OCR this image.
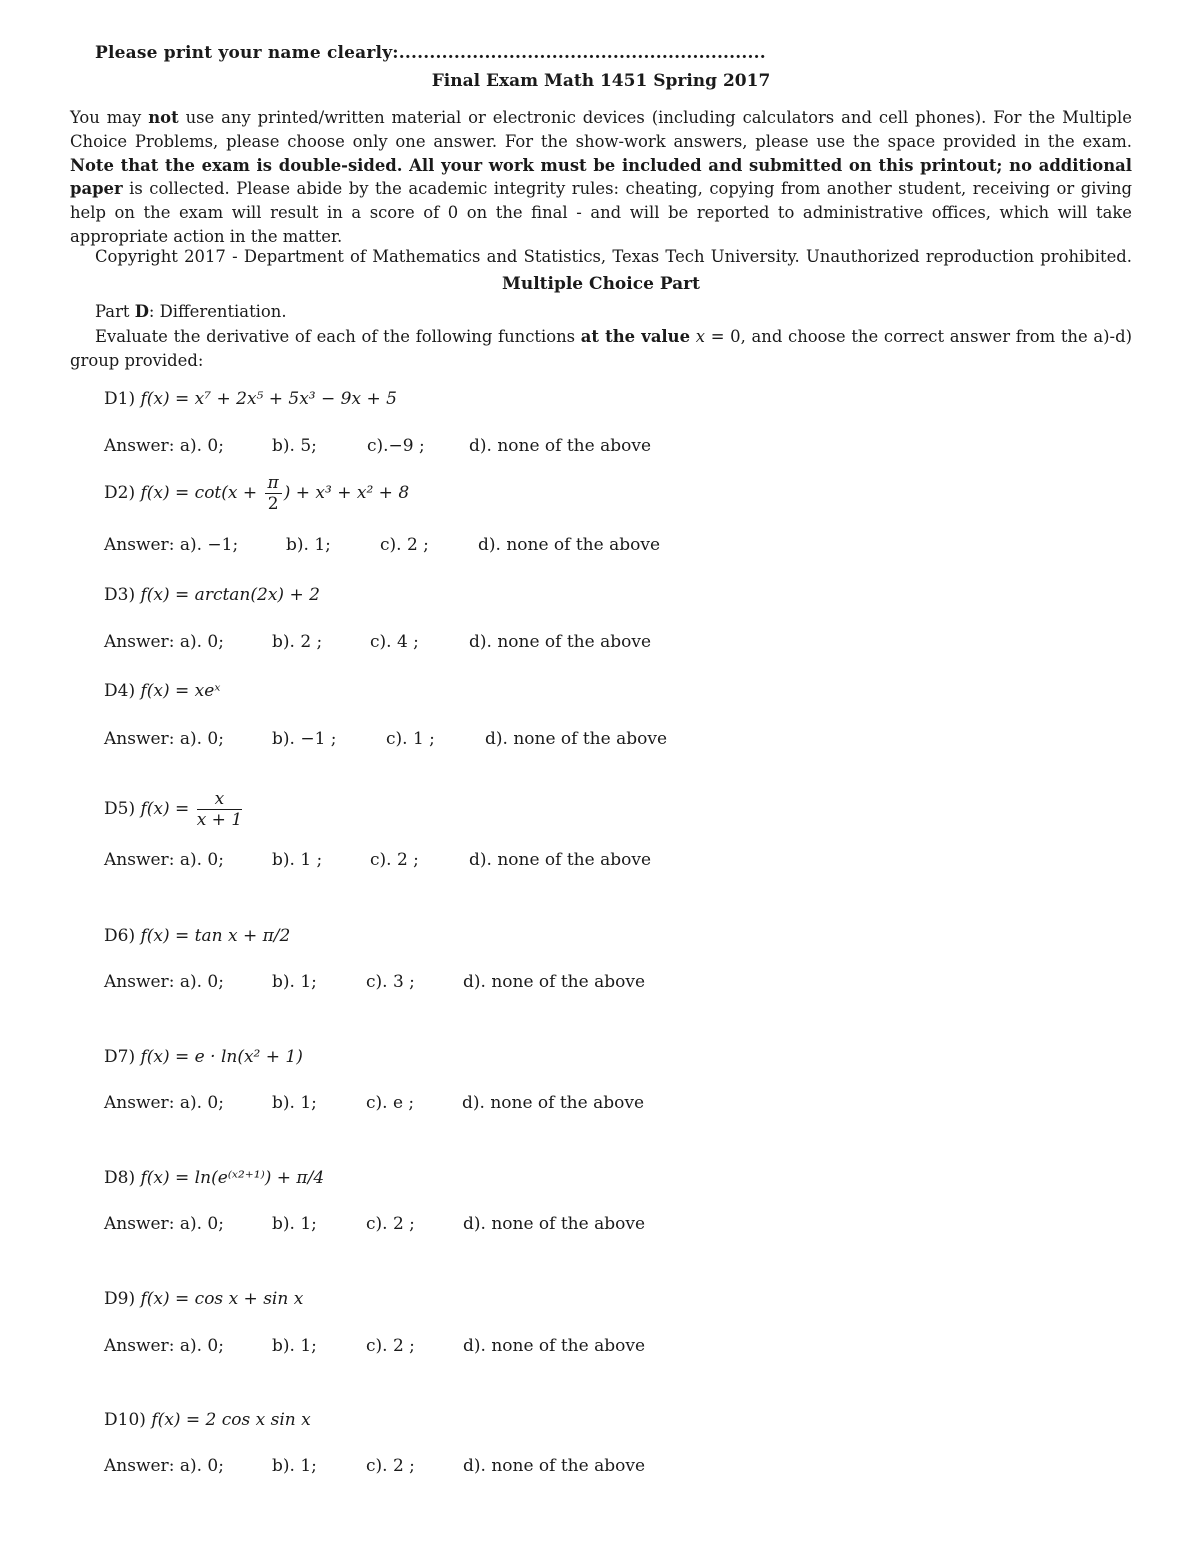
Please print your name clearly:............................................................
Final Exam Math 1451 Spring 2017
You may not use any printed/written material or electronic devices (including calculators and cell phones). For the Multiple Choice Problems, please choose only one answer. For the show-work answers, please use the space provided in the exam. Note that the exam is double-sided. All your work must be included and submitted on this printout; no additional paper is collected. Please abide by the academic integrity rules: cheating, copying from another student, receiving or giving help on the exam will result in a score of 0 on the final - and will be reported to administrative offices, which will take appropriate action in the matter.
Copyright 2017 - Department of Mathematics and Statistics, Texas Tech University. Unauthorized reproduction prohibited.
Multiple Choice Part
Part D: Differentiation.
Evaluate the derivative of each of the following functions at the value x = 0, and choose the correct answer from the a)-d) group provided:
D1) f(x) = x⁷ + 2x⁵ + 5x³ − 9x + 5
Answer: a). 0;	b). 5;	c).−9 ;	d). none of the above
D2) $f(x) = \cot(x + \frac{\pi}{2}$ ) + x³ + x² + 8
Answer: a). −1;	b). 1;	c). 2 ;	d). none of the above
D3) f(x) = arctan(2x) + 2
Answer: a). 0;	b). 2 ;	c). 4 ;	d). none of the above
D4) f(x) = xeˣ
Answer: a). 0;	b). −1 ;	c). 1 ;	d). none of the above
D5) $f(x) = \frac{x}{x + 1}$
Answer: a). 0;	b). 1 ;	c). 2 ;	d). none of the above
D6) f(x) = tan x + π/2
Answer: a). 0;	b). 1;	c). 3 ;	d). none of the above
D7) f(x) = e · ln(x² + 1)
Answer: a). 0;	b). 1;	c). e ;	d). none of the above
D8) f(x) = ln(e⁽ˣ²⁺¹⁾) + π/4
Answer: a). 0;	b). 1;	c). 2 ;	d). none of the above
D9) f(x) = cos x + sin x
Answer: a). 0;	b). 1;	c). 2 ;	d). none of the above
D10) f(x) = 2 cos x sin x
Answer: a). 0;	b). 1;	c). 2 ;	d). none of the above
